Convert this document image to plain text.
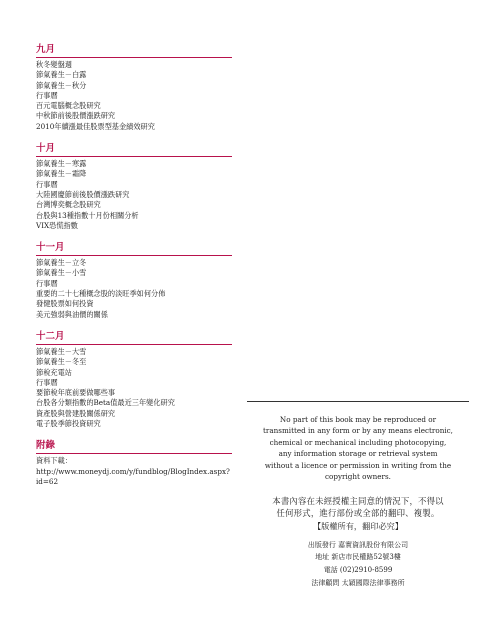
九月
秋冬變盤週
節氣養生－白露
節氣養生－秋分
行事曆
百元電腦概念股研究
中秋節前後股價漲跌研究
2010年續漲最佳股票型基金績效研究
十月
節氣養生－寒露
節氣養生－霜降
行事曆
大陸國慶節前後股價漲跌研究
台灣博奕概念股研究
台股與13種指數十月份相關分析
VIX恐慌指數
十一月
節氣養生－立冬
節氣養生－小雪
行事曆
重要的二十七種概念股的淡旺季如何分佈
發健股票如何投資
美元強弱與油價的關係
十二月
節氣養生－大雪
節氣養生－冬至
節稅充電站
行事曆
要節稅年底前要做哪些事
台股各分類指數的Beta值最近三年變化研究
資產股與營建股關係研究
電子股季節投資研究
附錄
資料下載：
http://www.moneydj.com/y/fundblog/BlogIndex.aspx?id=62
No part of this book may be reproduced or
transmitted in any form or by any means electronic,
chemical or mechanical including photocopying,
any information storage or retrieval system
without a licence or permission in writing from the
copyright owners.
本書內容在未經授權主同意的情況下，不得以
任何形式，進行部份或全部的翻印、複製。
【版權所有，翻印必究】
出版發行 嘉實資訊股份有限公司
地址 新店市民權路52號3樓
電話 (02)2910-8599
法律顧問 太穎國際法律事務所
